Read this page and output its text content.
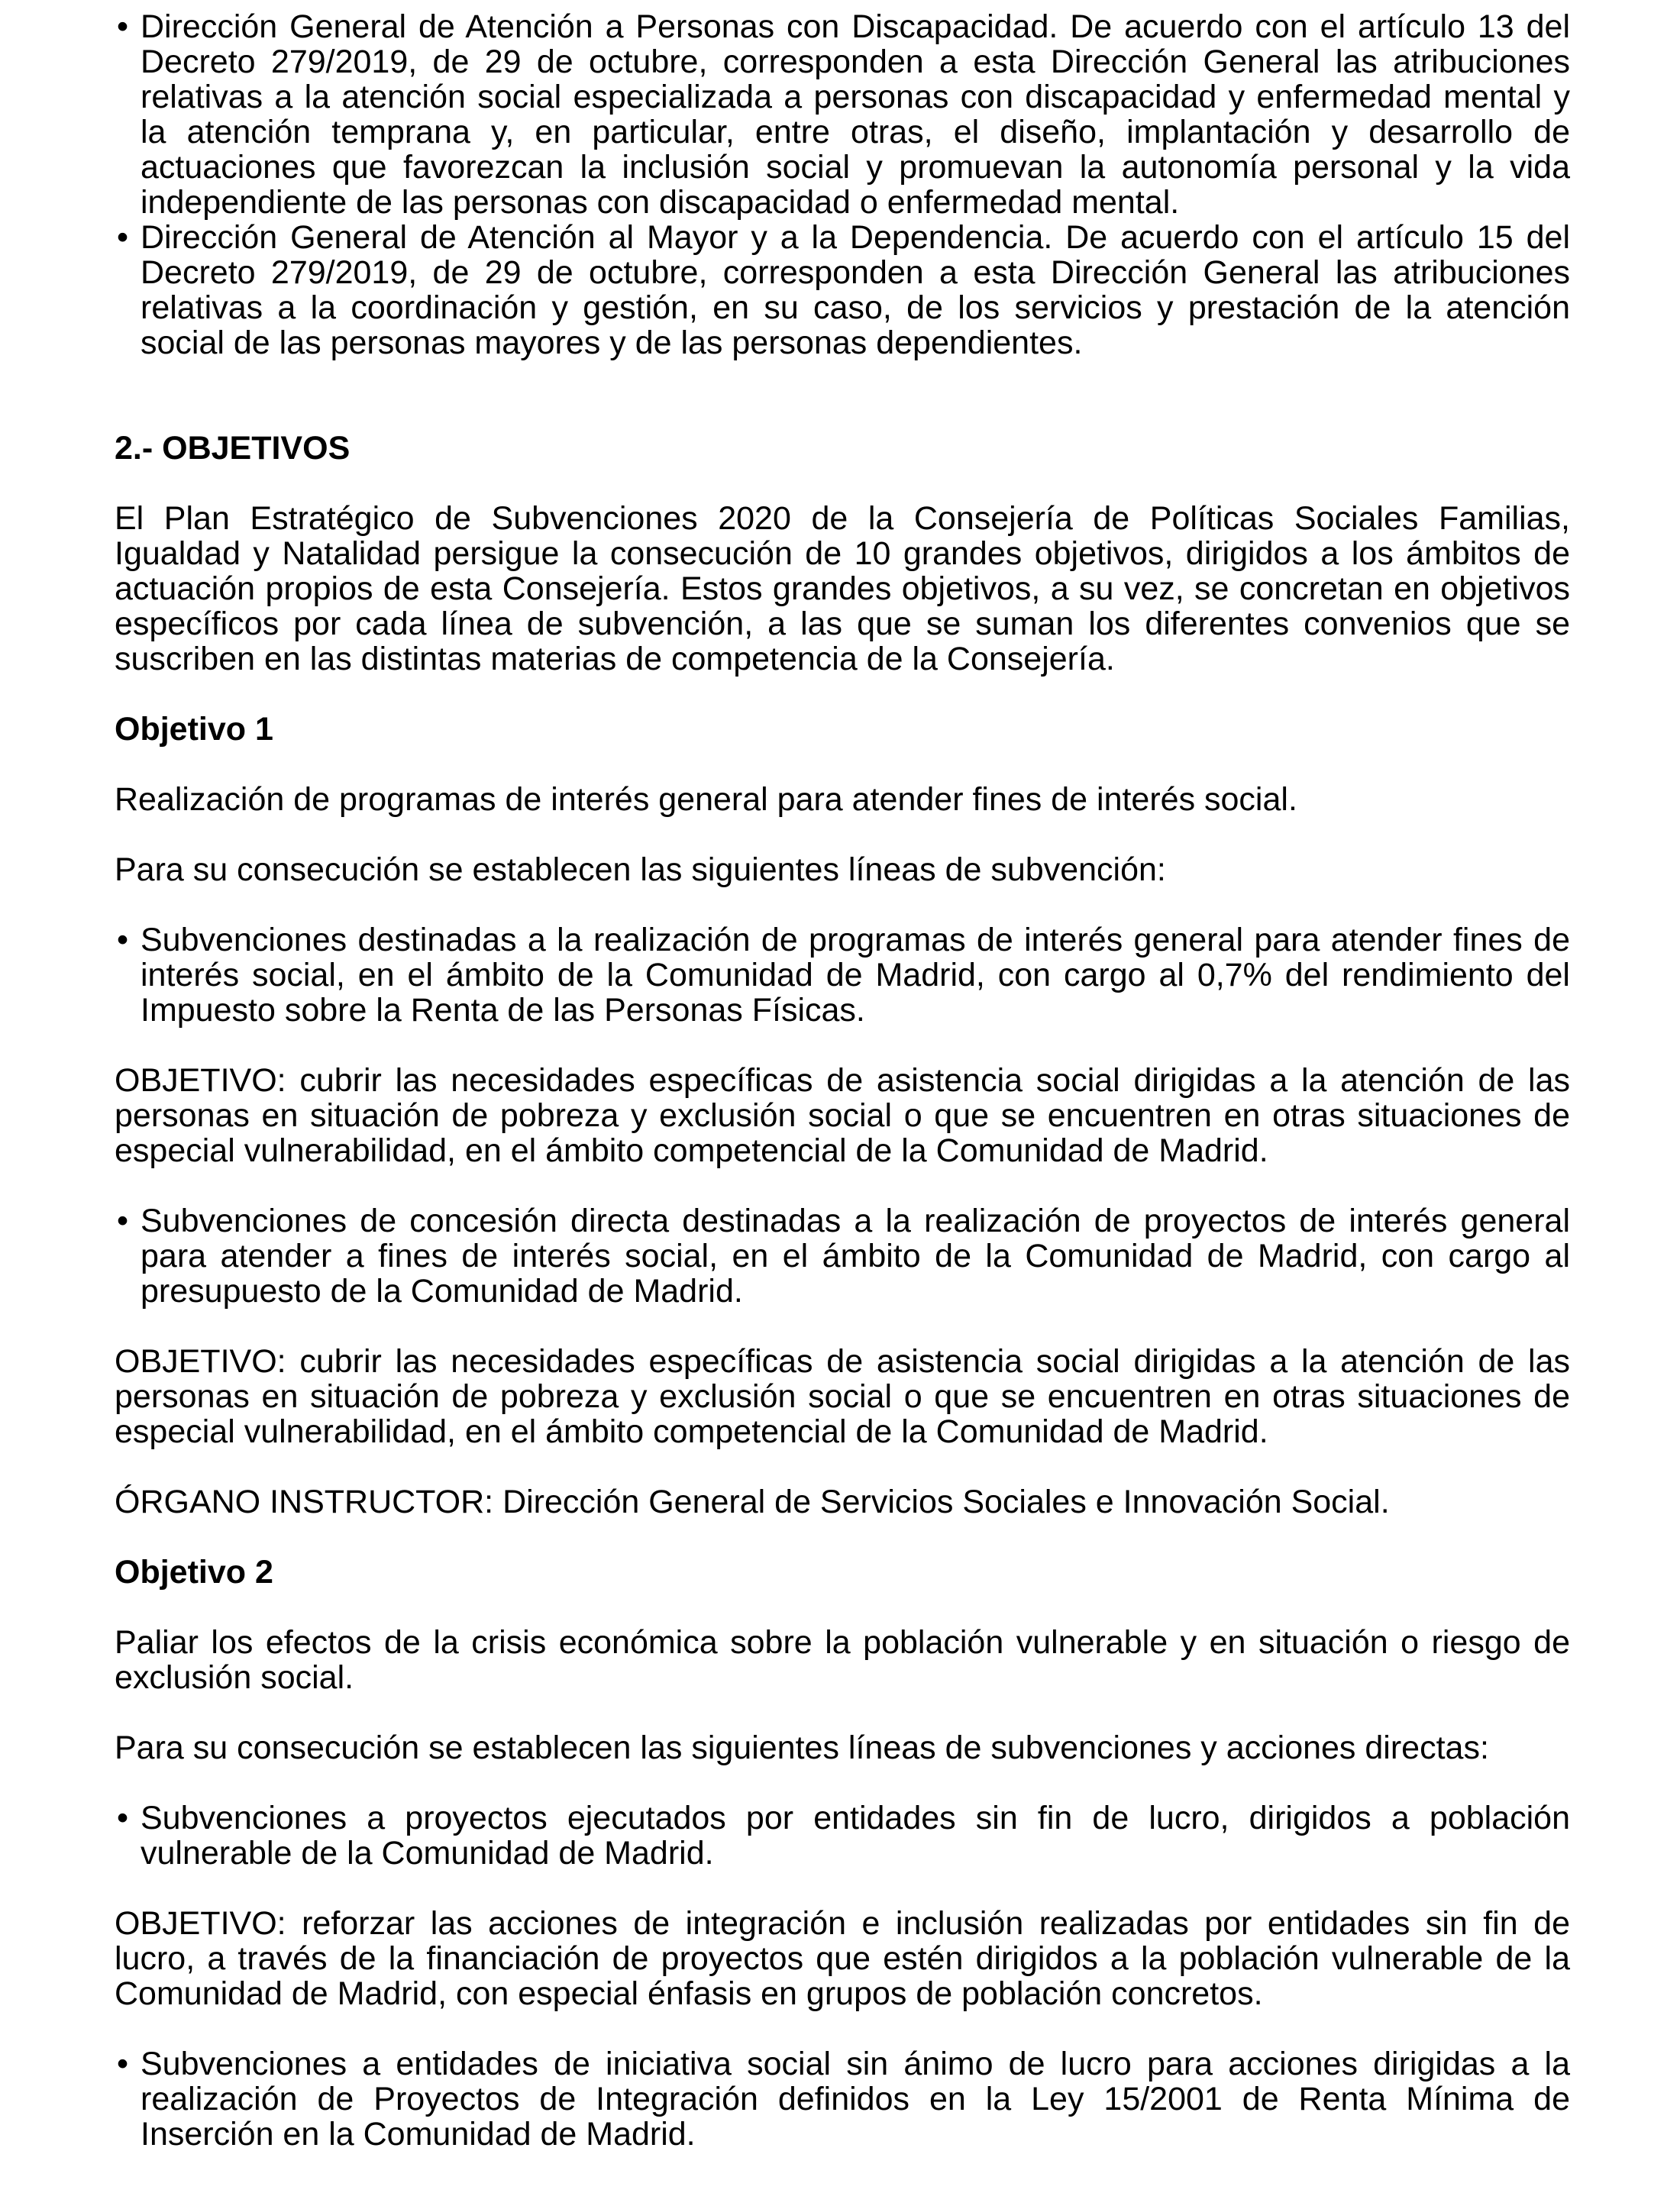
• Dirección General de Atención a Personas con Discapacidad. De acuerdo con el artículo 13 del Decreto 279/2019, de 29 de octubre, corresponden a esta Dirección General las atribuciones relativas a la atención social especializada a personas con discapacidad y enfermedad mental y la atención temprana y, en particular, entre otras, el diseño, implantación y desarrollo de actuaciones que favorezcan la inclusión social y promuevan la autonomía personal y la vida independiente de las personas con discapacidad o enfermedad mental.
• Dirección General de Atención al Mayor y a la Dependencia. De acuerdo con el artículo 15 del Decreto 279/2019, de 29 de octubre, corresponden a esta Dirección General las atribuciones relativas a la coordinación y gestión, en su caso, de los servicios y prestación de la atención social de las personas mayores y de las personas dependientes.
2.- OBJETIVOS
El Plan Estratégico de Subvenciones 2020 de la Consejería de Políticas Sociales Familias, Igualdad y Natalidad persigue la consecución de 10 grandes objetivos, dirigidos a los ámbitos de actuación propios de esta Consejería. Estos grandes objetivos, a su vez, se concretan en objetivos específicos por cada línea de subvención, a las que se suman los diferentes convenios que se suscriben en las distintas materias de competencia de la Consejería.
Objetivo 1
Realización de programas de interés general para atender fines de interés social.
Para su consecución se establecen las siguientes líneas de subvención:
• Subvenciones destinadas a la realización de programas de interés general para atender fines de interés social, en el ámbito de la Comunidad de Madrid, con cargo al 0,7% del rendimiento del Impuesto sobre la Renta de las Personas Físicas.
OBJETIVO: cubrir las necesidades específicas de asistencia social dirigidas a la atención de las personas en situación de pobreza y exclusión social o que se encuentren en otras situaciones de especial vulnerabilidad, en el ámbito competencial de la Comunidad de Madrid.
• Subvenciones de concesión directa destinadas a la realización de proyectos de interés general para atender a fines de interés social, en el ámbito de la Comunidad de Madrid, con cargo al presupuesto de la Comunidad de Madrid.
OBJETIVO: cubrir las necesidades específicas de asistencia social dirigidas a la atención de las personas en situación de pobreza y exclusión social o que se encuentren en otras situaciones de especial vulnerabilidad, en el ámbito competencial de la Comunidad de Madrid.
ÓRGANO INSTRUCTOR: Dirección General de Servicios Sociales e Innovación Social.
Objetivo 2
Paliar los efectos de la crisis económica sobre la población vulnerable y en situación o riesgo de exclusión social.
Para su consecución se establecen las siguientes líneas de subvenciones y acciones directas:
• Subvenciones a proyectos ejecutados por entidades sin fin de lucro, dirigidos a población vulnerable de la Comunidad de Madrid.
OBJETIVO: reforzar las acciones de integración e inclusión realizadas por entidades sin fin de lucro, a través de la financiación de proyectos que estén dirigidos a la población vulnerable de la Comunidad de Madrid, con especial énfasis en grupos de población concretos.
• Subvenciones a entidades de iniciativa social sin ánimo de lucro para acciones dirigidas a la realización de Proyectos de Integración definidos en la Ley 15/2001 de Renta Mínima de Inserción en la Comunidad de Madrid.
